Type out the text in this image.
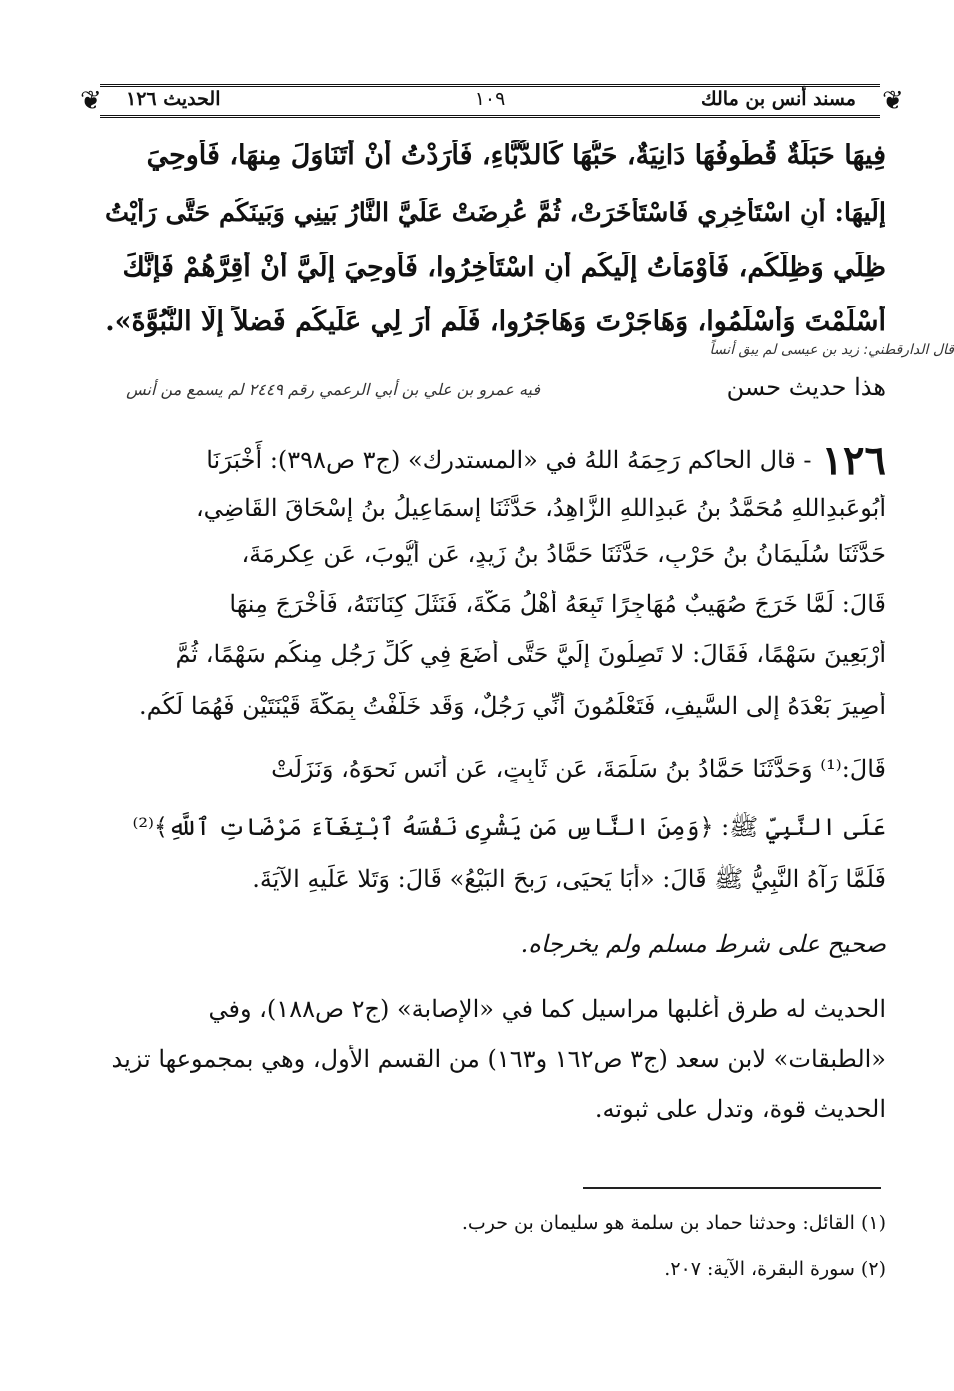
❦	❦
مسند أنس بن مالك
١٠٩
الحديث ١٢٦
فِيهَا حَبَلَةٌ قُطُوفُهَا دَانِيَةٌ، حَبُّهَا كَالدُّبَّاءِ، فَأَرَدْتُ أَنْ أَتَنَاوَلَ مِنهَا، فَأُوحِيَ
إِلَيهَا: أَنِ اسْتَأْخِرِي فَاسْتَأْخَرَتْ، ثُمَّ عُرِضَتْ عَلَيَّ النَّارُ بَينِي وَبَينَكُم حَتَّى رَأَيْتُ
ظِلِّي وَظِلَّكُم، فَأَوْمَأْتُ إِلَيكُم أَنِ اسْتَأْخِرُوا، فَأُوحِيَ إِلَيَّ أَنْ أَقِرَّهُمْ فَإِنَّكَ
أَسْلَمْتَ وَأَسْلَمُوا، وَهَاجَرْتَ وَهَاجَرُوا، فَلَم أَرَ لِي عَلَيكُم فَضلاً إِلَّا النُّبُوَّةَ».
قال الدارقطني: زيد بن عيسى لم يبق أنساً
هذا حديث حسن
فيه عمرو بن علي بن أبي الرعمي رقم ٢٤٤٩ لم يسمع من أنس
١٢٦
- قال الحاكم رَحِمَهُ اللهُ في «المستدرك» (ج٣ ص٣٩٨): أَخْبَرَنَا
أَبُوعَبدِاللهِ مُحَمَّدُ بنُ عَبدِاللهِ الزَّاهِدُ، حَدَّثَنَا إِسمَاعِيلُ بنُ إِسْحَاقَ القَاضِي،
حَدَّثَنَا سُلَيمَانُ بنُ حَرْبٍ، حَدَّثَنَا حَمَّادُ بنُ زَيدٍ، عَن أَيُّوبَ، عَن عِكرِمَةَ،
قَالَ: لَمَّا خَرَجَ صُهَيبٌ مُهَاجِرًا تَبِعَهُ أَهْلُ مَكَّةَ، فَنَثَلَ كِنَانَتَهُ، فَأَخْرَجَ مِنهَا
أَرْبَعِينَ سَهْمًا، فَقَالَ: لا تَصِلُونَ إِلَيَّ حَتَّى أَضَعَ فِي كُلِّ رَجُلٍ مِنكُم سَهْمًا، ثُمَّ
أَصِيرَ بَعْدَهُ إِلى السَّيفِ، فَتَعْلَمُونَ أَنِّي رَجُلٌ، وَقَد خَلَّفْتُ بِمَكَّةَ قَيْنَتَيْنِ فَهُمَا لَكُم.
قَالَ:⁽¹⁾ وَحَدَّثَنَا حَمَّادُ بنُ سَلَمَةَ، عَن ثَابِتٍ، عَن أَنَسٍ نَحوَهُ، وَنَزَلَتْ
عَلَى النَّبِيِّ ﷺ: ﴿وَمِنَ النَّاسِ مَن يَشْرِى نَفْسَهُ ٱبْتِغَآءَ مَرْضَاتِ ٱللَّهِ﴾⁽²⁾
فَلَمَّا رَآهُ النَّبِيُّ ﷺ قَالَ: «أَبَا يَحيَى، رَبحَ البَيْعُ» قَالَ: وَتَلا عَلَيهِ الآيَةَ.
صحيح على شرط مسلم ولم يخرجاه.
الحديث له طرق أغلبها مراسيل كما في «الإصابة» (ج٢ ص١٨٨)، وفي
«الطبقات» لابن سعد (ج٣ ص١٦٢ و١٦٣) من القسم الأول، وهي بمجموعها تزيد
الحديث قوة، وتدل على ثبوته.
(١) القائل: وحدثنا حماد بن سلمة هو سليمان بن حرب.
(٢) سورة البقرة، الآية: ٢٠٧.
